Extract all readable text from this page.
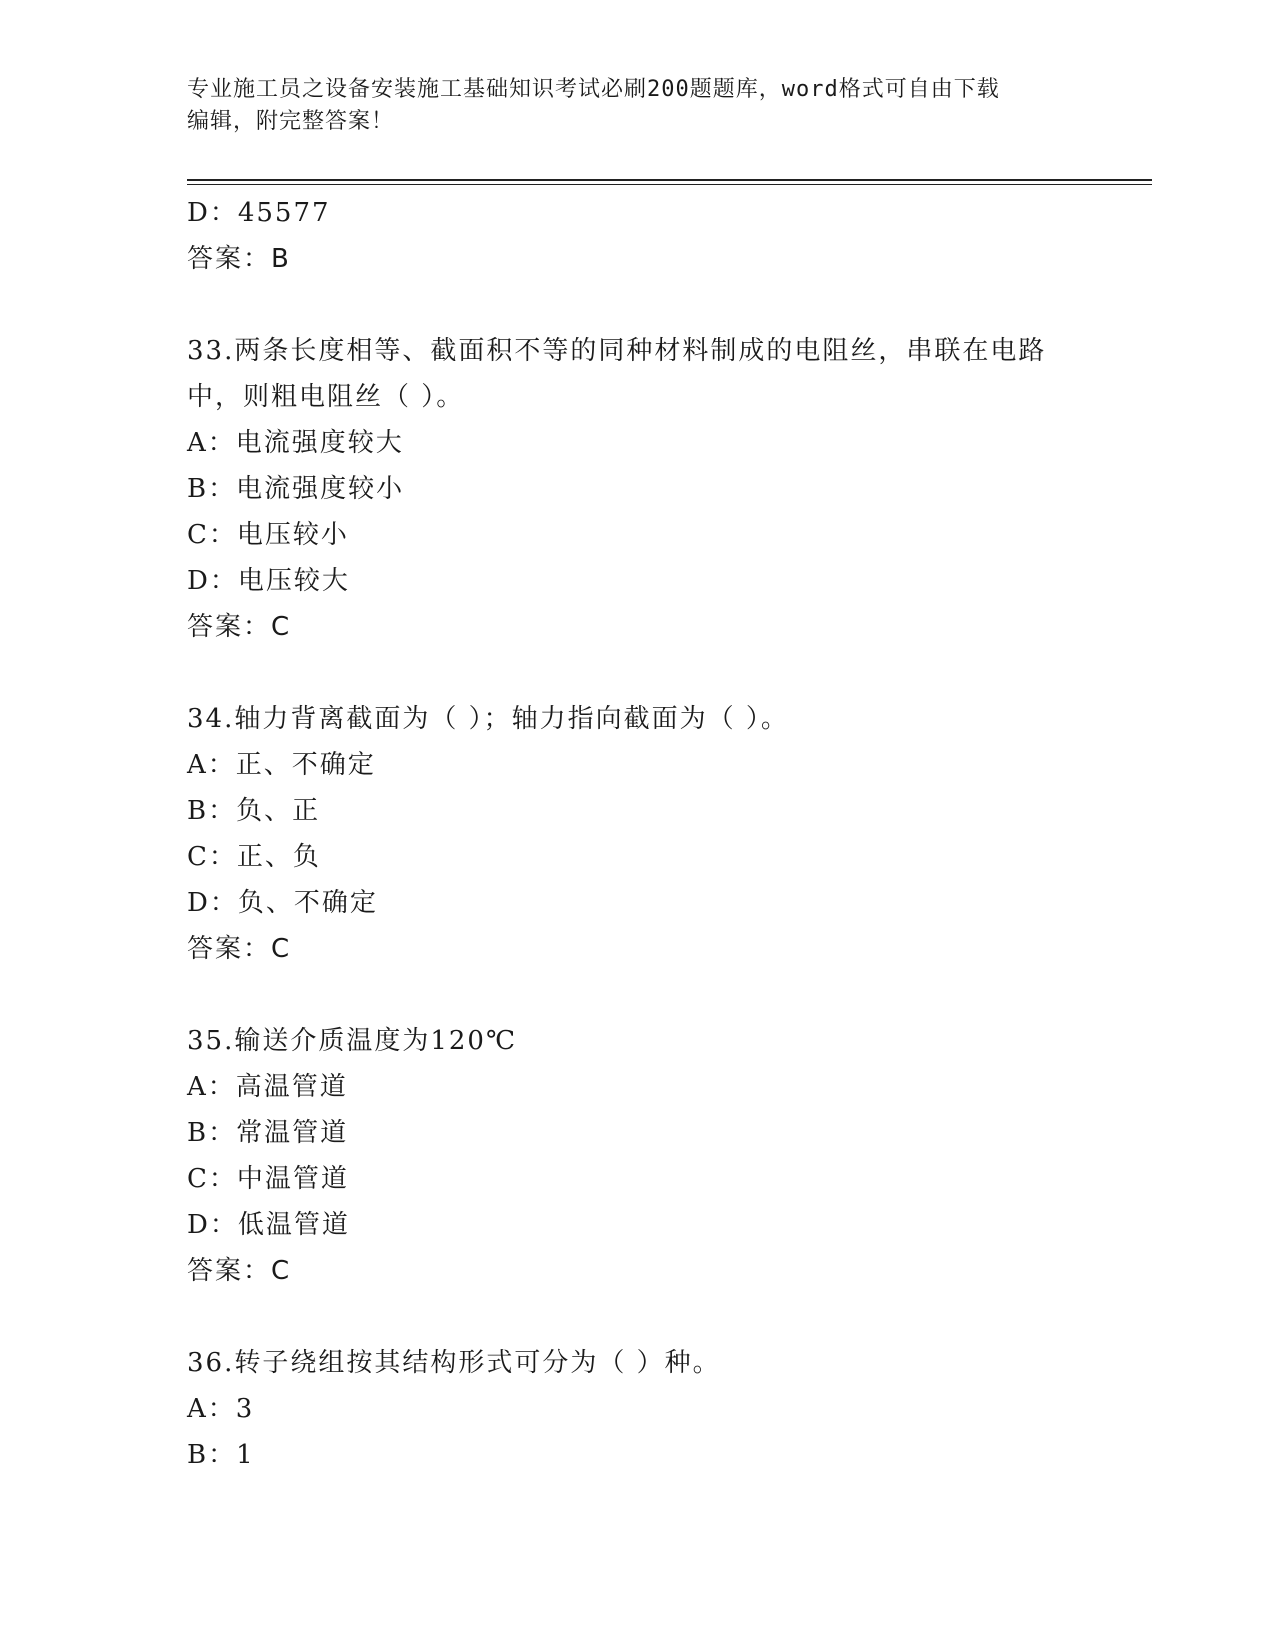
专业施工员之设备安装施工基础知识考试必刷200题题库，word格式可自由下载
编辑，附完整答案！
D：45577
答案：B
33.两条长度相等、截面积不等的同种材料制成的电阻丝，串联在电路
中，则粗电阻丝（ ）。
A：电流强度较大
B：电流强度较小
C：电压较小
D：电压较大
答案：C
34.轴力背离截面为（ ）；轴力指向截面为（ ）。
A：正、不确定
B：负、正
C：正、负
D：负、不确定
答案：C
35.输送介质温度为120℃
A：高温管道
B：常温管道
C：中温管道
D：低温管道
答案：C
36.转子绕组按其结构形式可分为（ ）种。
A：3
B：1
